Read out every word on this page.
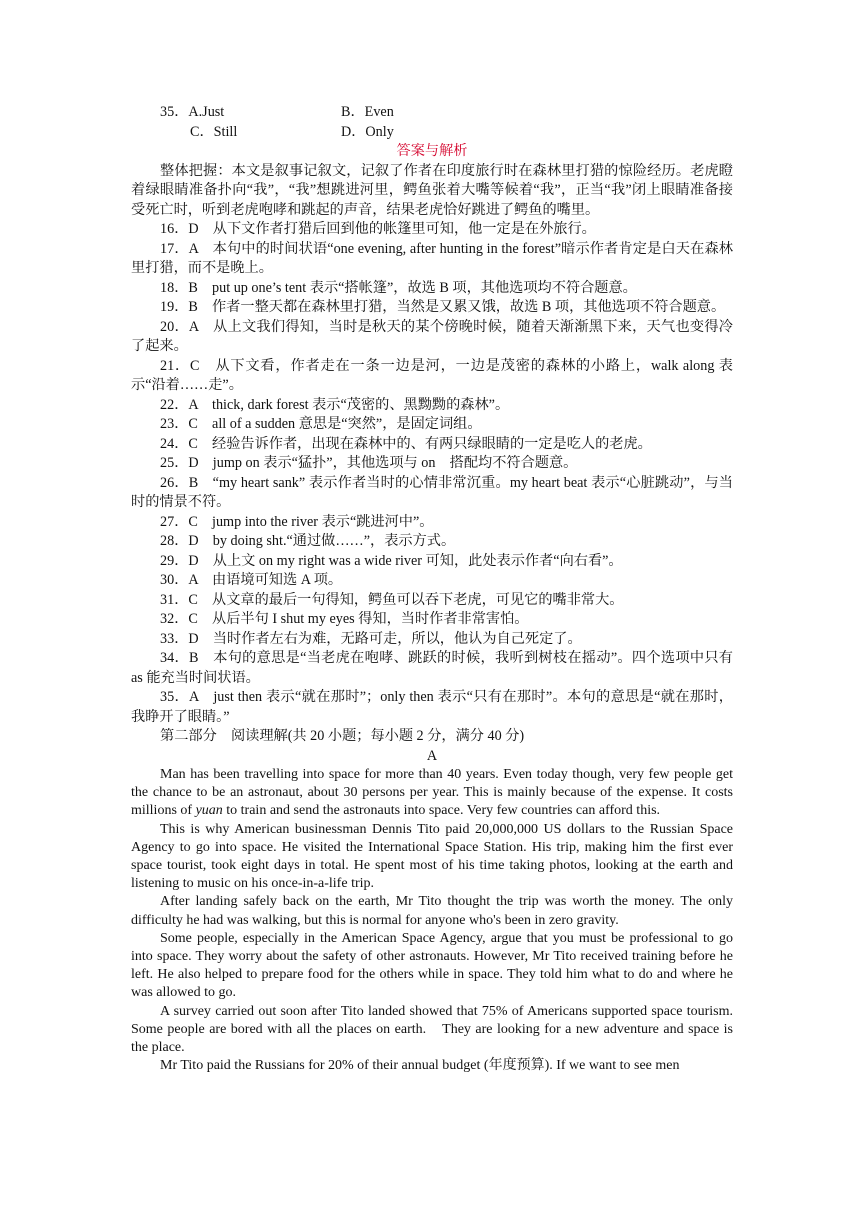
35．A.Just	B．Even
C．Still	D．Only

答案与解析

整体把握：本文是叙事记叙文，记叙了作者在印度旅行时在森林里打猎的惊险经历。老虎瞪着绿眼睛准备扑向“我”，“我”想跳进河里，鳄鱼张着大嘴等候着“我”，正当“我”闭上眼睛准备接受死亡时，听到老虎咆哮和跳起的声音，结果老虎恰好跳进了鳄鱼的嘴里。

16．D　从下文作者打猎后回到他的帐篷里可知，他一定是在外旅行。

17．A　本句中的时间状语“one evening, after hunting in the forest”暗示作者肯定是白天在森林里打猎，而不是晚上。

18．B　put up one’s tent 表示“搭帐篷”，故选 B 项，其他选项均不符合题意。

19．B　作者一整天都在森林里打猎，当然是又累又饿，故选 B 项，其他选项不符合题意。

20．A　从上文我们得知，当时是秋天的某个傍晚时候，随着天渐渐黑下来，天气也变得冷了起来。

21．C　从下文看，作者走在一条一边是河，一边是茂密的森林的小路上，walk along 表示“沿着……走”。

22．A　thick, dark forest 表示“茂密的、黑黝黝的森林”。

23．C　all of a sudden 意思是“突然”，是固定词组。

24．C　经验告诉作者，出现在森林中的、有两只绿眼睛的一定是吃人的老虎。

25．D　jump on 表示“猛扑”，其他选项与 on　搭配均不符合题意。

26．B　“my heart sank” 表示作者当时的心情非常沉重。my heart beat 表示“心脏跳动”，与当时的情景不符。

27．C　jump into the river 表示“跳进河中”。

28．D　by doing sht.“通过做……”，表示方式。

29．D　从上文 on my right was a wide river 可知，此处表示作者“向右看”。

30．A　由语境可知选 A 项。

31．C　从文章的最后一句得知，鳄鱼可以吞下老虎，可见它的嘴非常大。

32．C　从后半句 I shut my eyes 得知，当时作者非常害怕。

33．D　当时作者左右为难，无路可走，所以，他认为自己死定了。

34．B　本句的意思是“当老虎在咆哮、跳跃的时候，我听到树枝在摇动”。四个选项中只有 as 能充当时间状语。

35．A　just then 表示“就在那时”；only then 表示“只有在那时”。本句的意思是“就在那时，我睁开了眼睛。”

第二部分　阅读理解(共 20 小题；每小题 2 分，满分 40 分)

A

Man has been travelling into space for more than 40 years. Even today though, very few people get the chance to be an astronaut, about 30 persons per year. This is mainly because of the expense. It costs millions of yuan to train and send the astronauts into space. Very few countries can afford this.

This is why American businessman Dennis Tito paid 20,000,000 US dollars to the Russian Space Agency to go into space. He visited the International Space Station. His trip, making him the first ever space tourist, took eight days in total. He spent most of his time taking photos, looking at the earth and listening to music on his once-in-a-life trip.

After landing safely back on the earth, Mr Tito thought the trip was worth the money. The only difficulty he had was walking, but this is normal for anyone who's been in zero gravity.

Some people, especially in the American Space Agency, argue that you must be professional to go into space. They worry about the safety of other astronauts. However, Mr Tito received training before he left. He also helped to prepare food for the others while in space. They told him what to do and where he was allowed to go.

A survey carried out soon after Tito landed showed that 75% of Americans supported space tourism. Some people are bored with all the places on earth.　They are looking for a new adventure and space is the place.

Mr Tito paid the Russians for 20% of their annual budget (年度预算). If we want to see men
